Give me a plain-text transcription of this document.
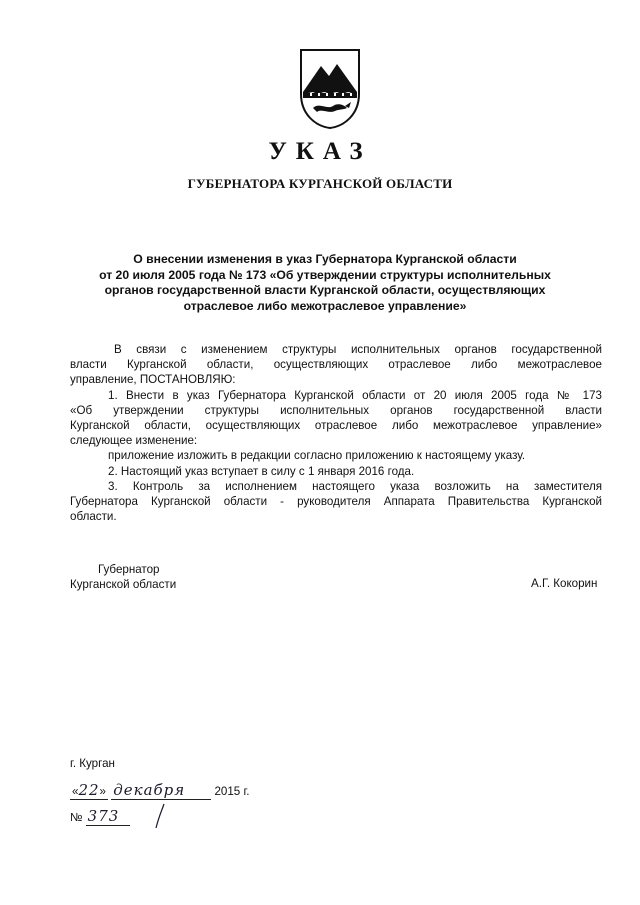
УКАЗ
ГУБЕРНАТОРА КУРГАНСКОЙ ОБЛАСТИ
О внесении изменения в указ Губернатора Курганской области
от 20 июля 2005 года № 173 «Об утверждении структуры исполнительных
органов государственной власти Курганской области, осуществляющих
отраслевое либо межотраслевое управление»

В связи с изменением структуры исполнительных органов государственной

власти Курганской области, осуществляющих отраслевое либо межотраслевое

управление, ПОСТАНОВЛЯЮ:

1. Внести в указ Губернатора Курганской области от 20 июля 2005 года № 173

«Об утверждении структуры исполнительных органов государственной власти

Курганской области, осуществляющих отраслевое либо межотраслевое управление»

следующее изменение:

приложение изложить в редакции согласно приложению к настоящему указу.

2. Настоящий указ вступает в силу с 1 января 2016 года.

3. Контроль за исполнением настоящего указа возложить на заместителя

Губернатора Курганской области - руководителя Аппарата Правительства Курганской

области.

Губернатор
Курганской области	А.Г. Кокорин
г. Курган
«22» декабря	2015 г.
№ 373
